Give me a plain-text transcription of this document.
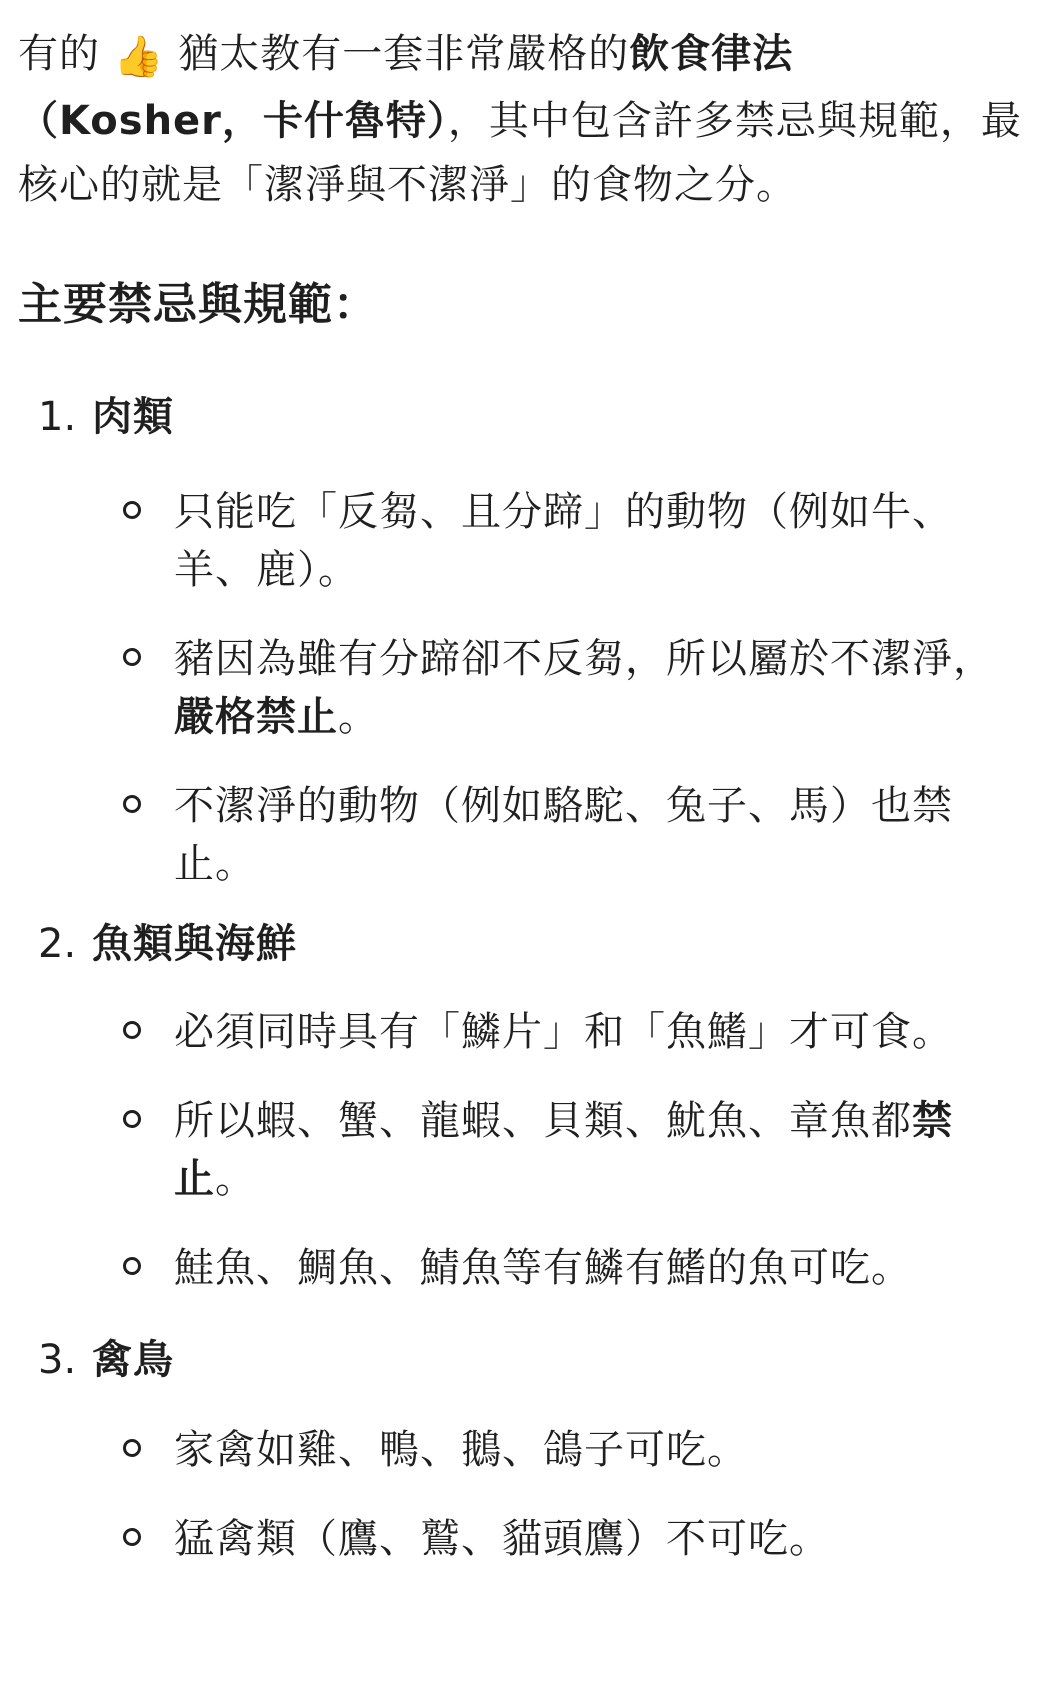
有的 👍 猶太教有一套非常嚴格的飲食律法（Kosher，卡什魯特），其中包含許多禁忌與規範，最核心的就是「潔淨與不潔淨」的食物之分。

主要禁忌與規範：
1. 肉類
只能吃「反芻、且分蹄」的動物（例如牛、羊、鹿）。
豬因為雖有分蹄卻不反芻，所以屬於不潔淨，嚴格禁止。
不潔淨的動物（例如駱駝、兔子、馬）也禁止。
2. 魚類與海鮮
必須同時具有「鱗片」和「魚鰭」才可食。
所以蝦、蟹、龍蝦、貝類、魷魚、章魚都禁止。
鮭魚、鯛魚、鯖魚等有鱗有鰭的魚可吃。
3. 禽鳥
家禽如雞、鴨、鵝、鴿子可吃。
猛禽類（鷹、鷲、貓頭鷹）不可吃。
